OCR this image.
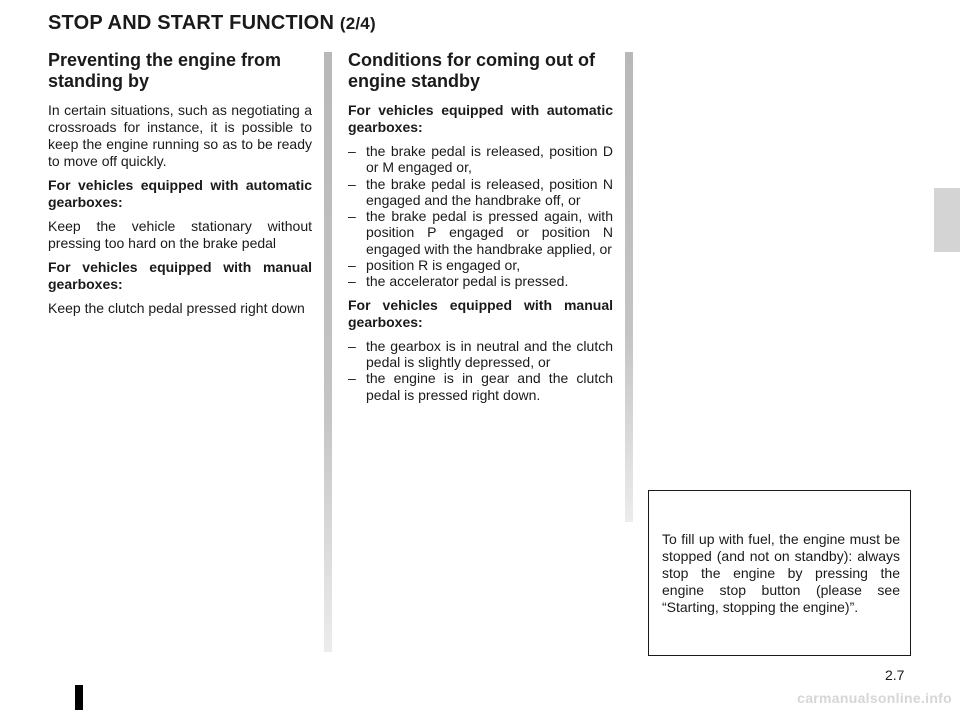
STOP AND START FUNCTION (2/4)
Preventing the engine from standing by

In certain situations, such as negotiating a crossroads for instance, it is possible to keep the engine running so as to be ready to move off quickly.

For vehicles equipped with automatic gearboxes:

Keep the vehicle stationary without pressing too hard on the brake pedal

For vehicles equipped with manual gearboxes:

Keep the clutch pedal pressed right down

Conditions for coming out of engine standby

For vehicles equipped with automatic gearboxes:

– the brake pedal is released, position D or M engaged or,
– the brake pedal is released, position N engaged and the handbrake off, or
– the brake pedal is pressed again, with position P engaged or position N engaged with the handbrake applied, or
– position R is engaged or,
– the accelerator pedal is pressed.

For vehicles equipped with manual gearboxes:

– the gearbox is in neutral and the clutch pedal is slightly depressed, or
– the engine is in gear and the clutch pedal is pressed right down.

To fill up with fuel, the engine must be stopped (and not on standby): always stop the engine by pressing the engine stop button (please see “Starting, stopping the engine)”.

2.7
carmanualsonline.info
